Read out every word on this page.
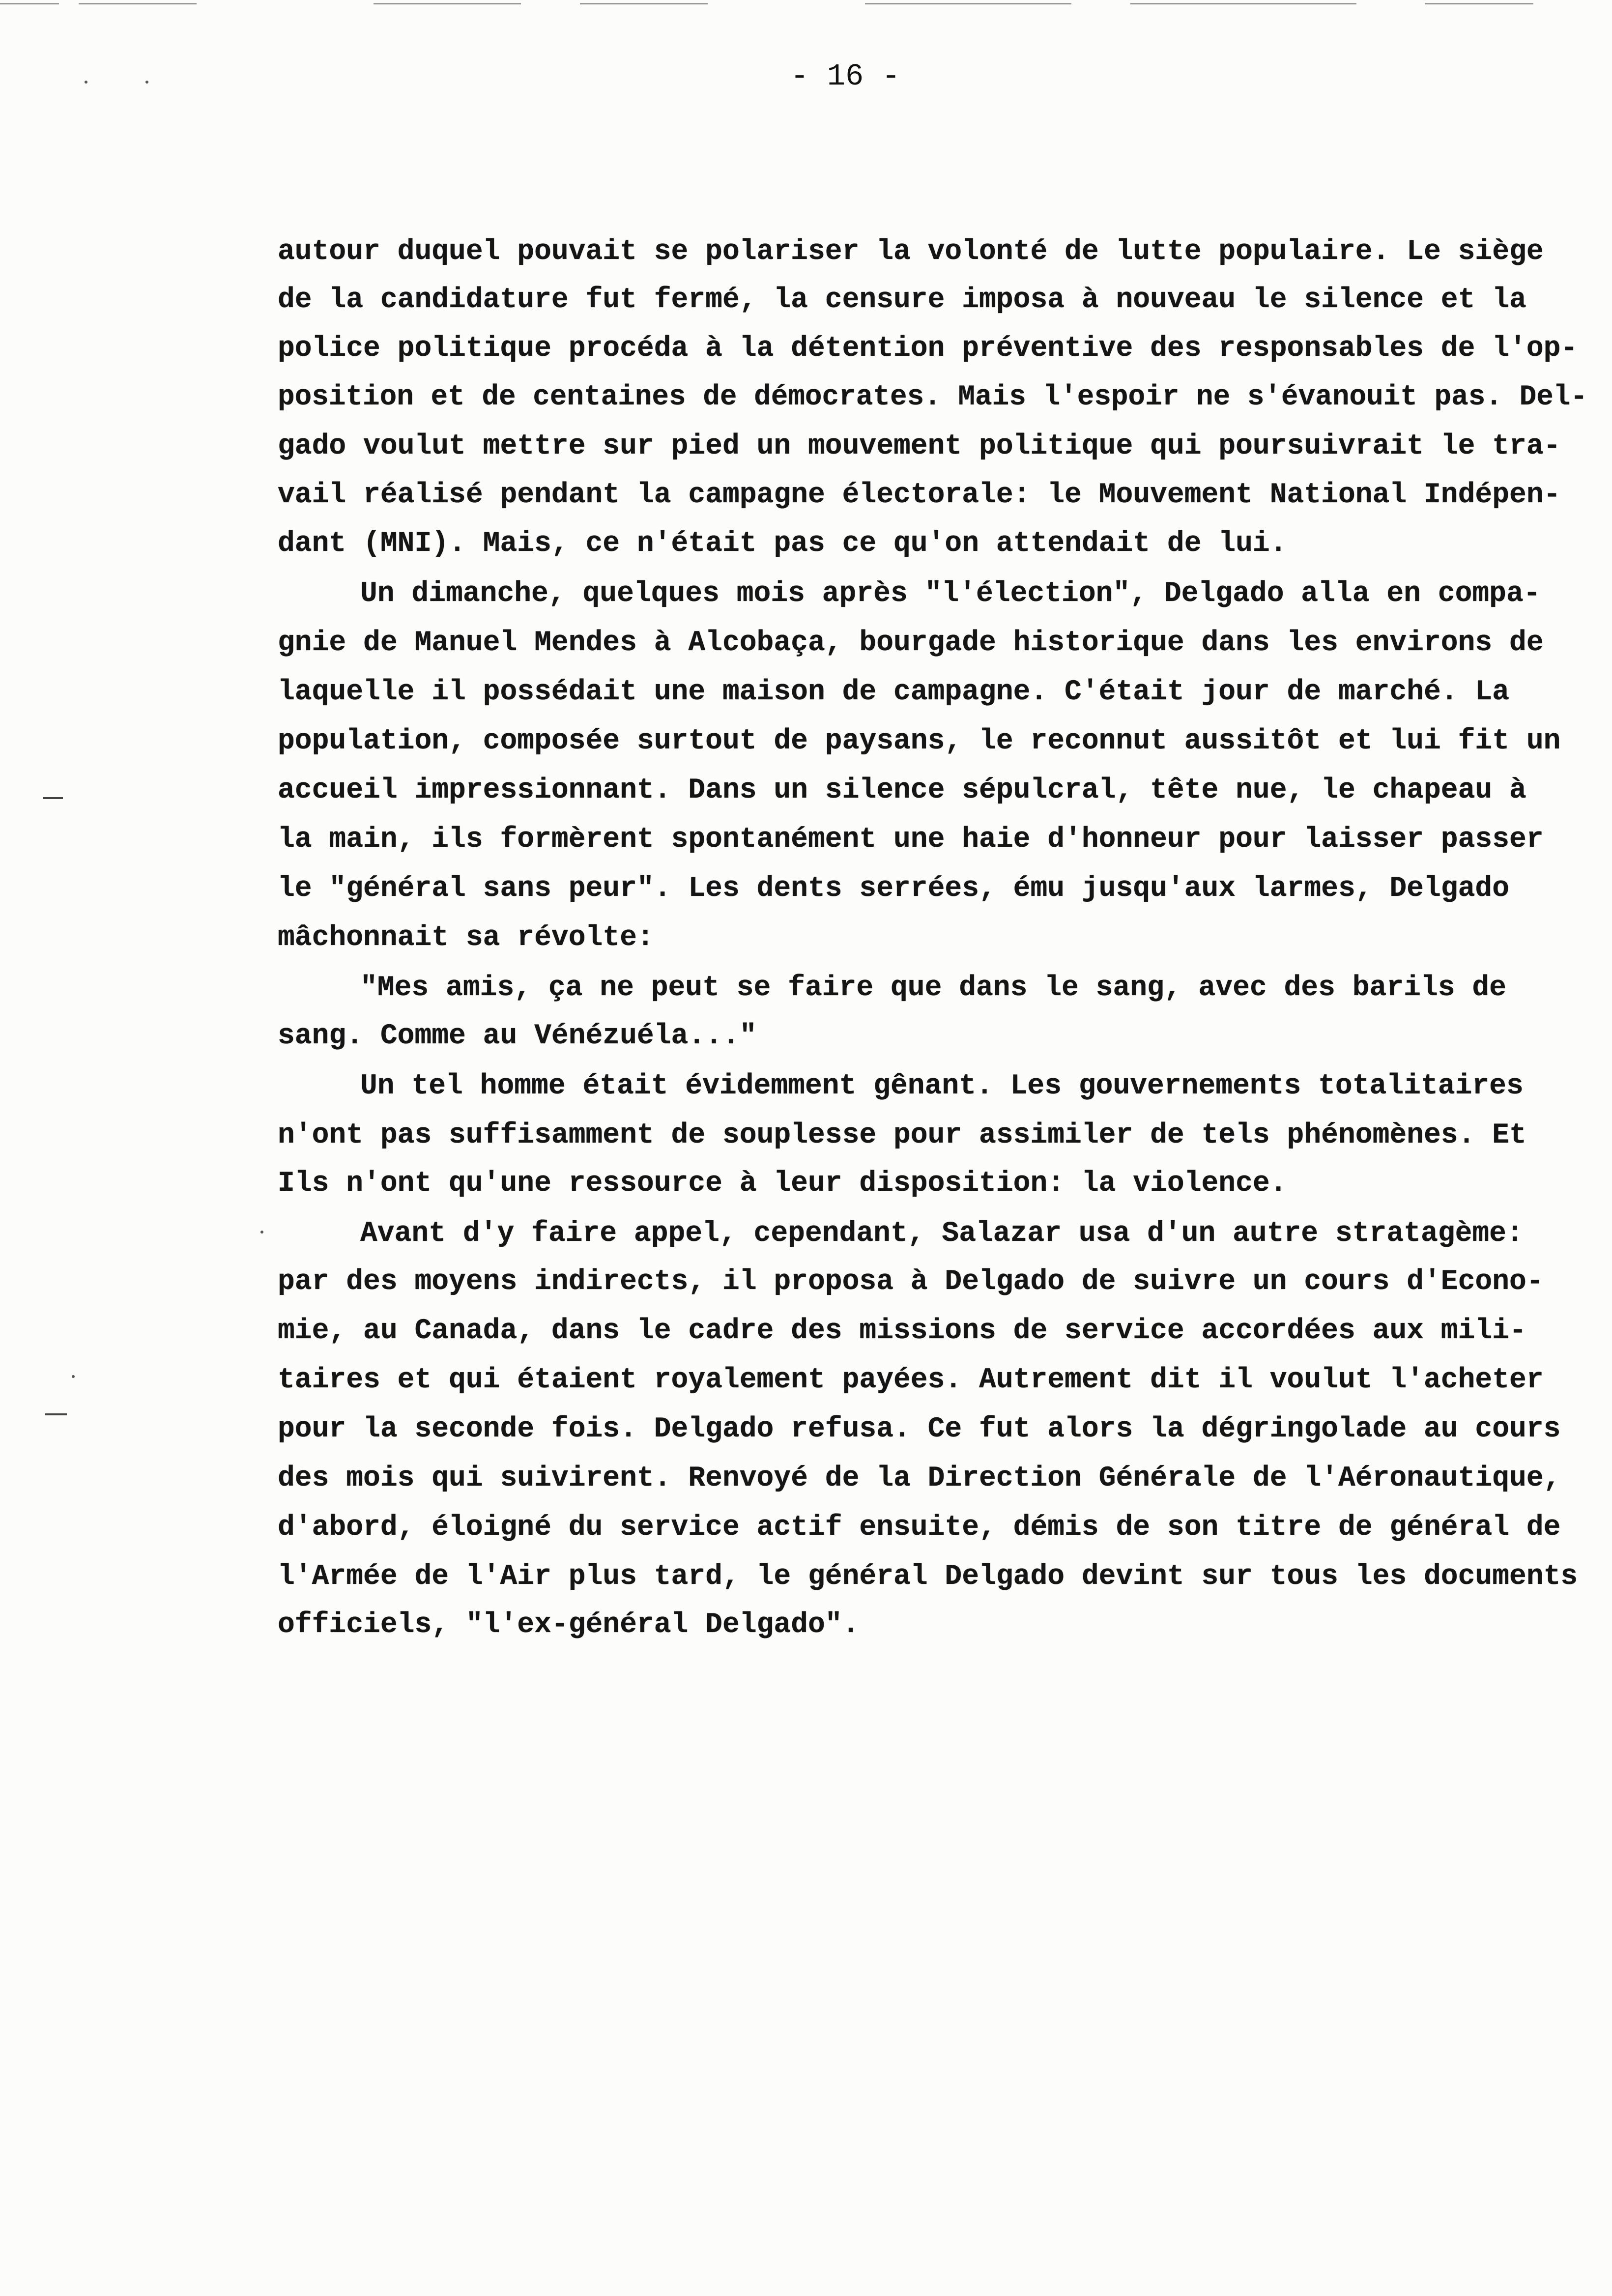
- 16 -
autour duquel pouvait se polariser la volonté de lutte populaire. Le siège
de la candidature fut fermé, la censure imposa à nouveau le silence et la
police politique procéda à la détention préventive des responsables de l'op-
position et de centaines de démocrates. Mais l'espoir ne s'évanouit pas. Del-
gado voulut mettre sur pied un mouvement politique qui poursuivrait le tra-
vail réalisé pendant la campagne électorale: le Mouvement National Indépen-
dant (MNI). Mais, ce n'était pas ce qu'on attendait de lui.
Un dimanche, quelques mois après "l'élection", Delgado alla en compa-
gnie de Manuel Mendes à Alcobaça, bourgade historique dans les environs de
laquelle il possédait une maison de campagne. C'était jour de marché. La
population, composée surtout de paysans, le reconnut aussitôt et lui fit un
accueil impressionnant. Dans un silence sépulcral, tête nue, le chapeau à
la main, ils formèrent spontanément une haie d'honneur pour laisser passer
le "général sans peur". Les dents serrées, ému jusqu'aux larmes, Delgado
mâchonnait sa révolte:
"Mes amis, ça ne peut se faire que dans le sang, avec des barils de
sang. Comme au Vénézuéla..."
Un tel homme était évidemment gênant. Les gouvernements totalitaires
n'ont pas suffisamment de souplesse pour assimiler de tels phénomènes. Et
Ils n'ont qu'une ressource à leur disposition: la violence.
Avant d'y faire appel, cependant, Salazar usa d'un autre stratagème:
par des moyens indirects, il proposa à Delgado de suivre un cours d'Econo-
mie, au Canada, dans le cadre des missions de service accordées aux mili-
taires et qui étaient royalement payées. Autrement dit il voulut l'acheter
pour la seconde fois. Delgado refusa. Ce fut alors la dégringolade au cours
des mois qui suivirent. Renvoyé de la Direction Générale de l'Aéronautique,
d'abord, éloigné du service actif ensuite, démis de son titre de général de
l'Armée de l'Air plus tard, le général Delgado devint sur tous les documents
officiels, "l'ex-général Delgado".
